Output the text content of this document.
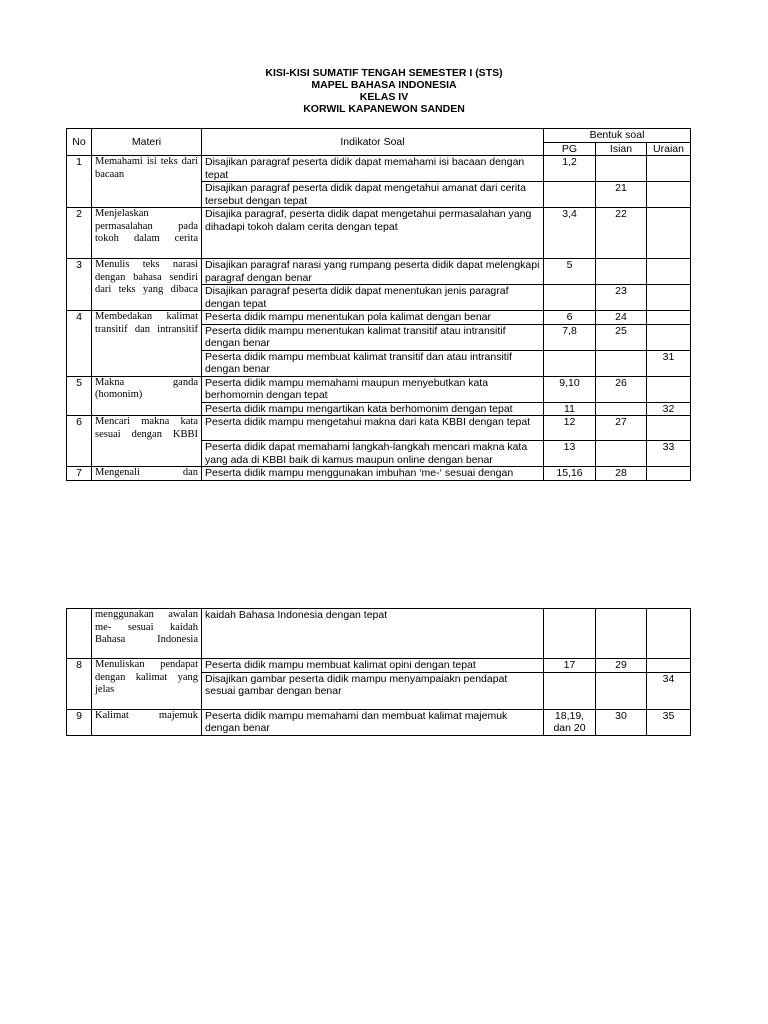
KISI-KISI SUMATIF TENGAH SEMESTER I (STS)
MAPEL BAHASA INDONESIA
KELAS IV
KORWIL KAPANEWON SANDEN
No	Materi	Indikator Soal	Bentuk soal		
			PG	Isian	Uraian
1	Memahami isi teks dari bacaan	Disajikan paragraf peserta didik dapat memahami isi bacaan dengan tepat	1,2		
		Disajikan paragraf peserta didik dapat mengetahui amanat dari cerita tersebut dengan tepat		21	
2	Menjelaskan permasalahan pada tokoh dalam cerita	Disajika paragraf, peserta didik dapat mengetahui permasalahan yang dihadapi tokoh dalam cerita dengan tepat	3,4	22	
3	Menulis teks narasi dengan bahasa sendiri dari teks yang dibaca	Disajikan paragraf narasi yang rumpang peserta didik dapat melengkapi paragraf dengan benar	5		
		Disajikan paragraf peserta didik dapat menentukan jenis paragraf dengan tepat		23	
4	Membedakan kalimat transitif dan intransitif	Peserta didik mampu menentukan pola kalimat dengan benar	6	24	
		Peserta didik mampu menentukan kalimat transitif atau intransitif dengan benar	7,8	25	
		Peserta didik mampu membuat kalimat transitif dan atau intransitif dengan benar			31
5	Makna ganda (homonim)	Peserta didik mampu memahami maupun menyebutkan kata berhomomin dengan tepat	9,10	26	
		Peserta didik mampu mengartikan kata berhomonim dengan tepat	11		32
6	Mencari makna kata sesuai dengan KBBI	Peserta didik mampu mengetahui makna dari kata KBBI dengan tepat	12	27	
		Peserta didik dapat memahami langkah-langkah mencari makna kata yang ada di KBBI baik di kamus maupun online dengan benar	13		33
7	Mengenali dan	Peserta didik mampu menggunakan imbuhan ‘me-‘ sesuai dengan	15,16	28	
	menggunakan awalan me- sesuai kaidah Bahasa Indonesia	kaidah Bahasa Indonesia dengan tepat			
8	Menuliskan pendapat dengan kalimat yang jelas	Peserta didik mampu membuat kalimat opini dengan tepat	17	29	
		Disajikan gambar peserta didik mampu menyampaiakn pendapat sesuai gambar dengan benar			34
9	Kalimat majemuk	Peserta didik mampu memahami dan membuat kalimat majemuk dengan benar	18,19, dan 20	30	35
